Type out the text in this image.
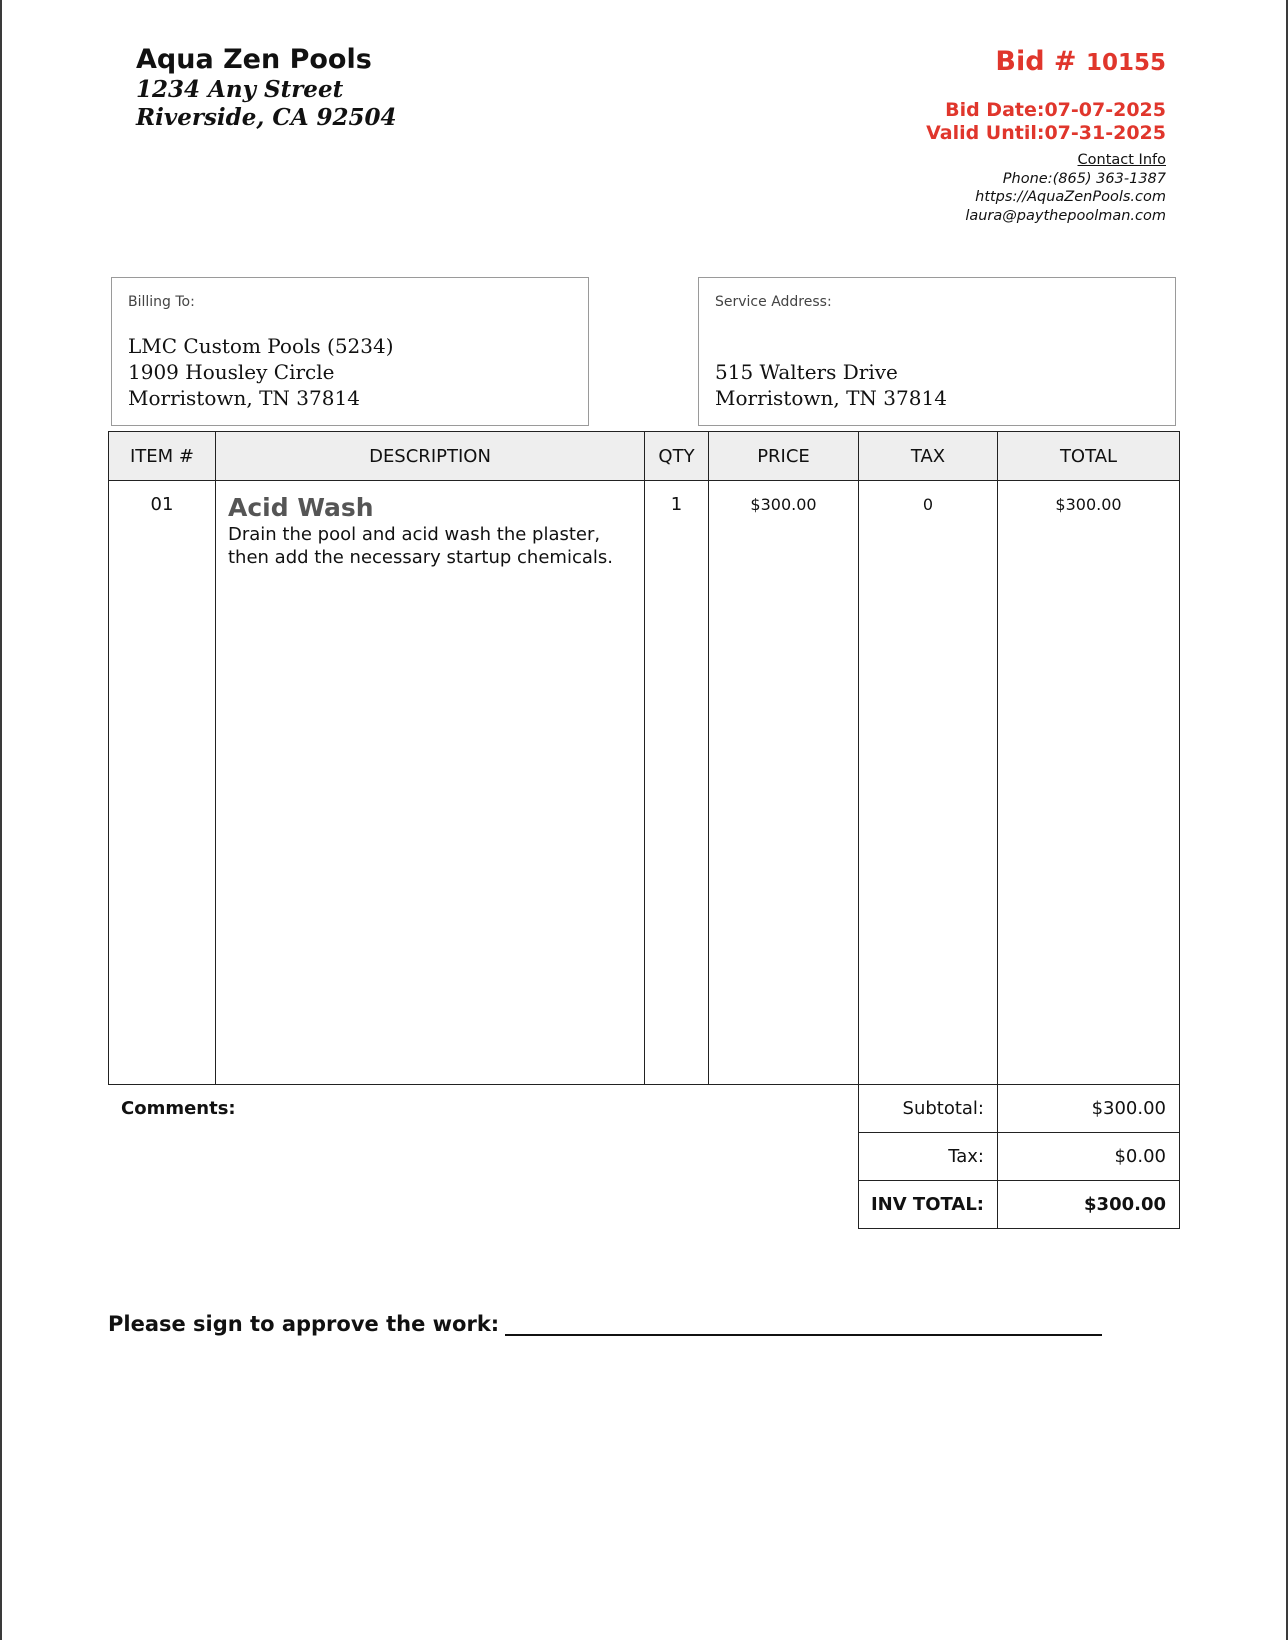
Aqua Zen Pools
1234 Any Street
Riverside, CA 92504
Bid # 10155
Bid Date:07-07-2025
Valid Until:07-31-2025
Contact Info
Phone:(865) 363-1387
https://AquaZenPools.com
laura@paythepoolman.com
Billing To:
LMC Custom Pools (5234)
1909 Housley Circle
Morristown, TN 37814
Service Address:
515 Walters Drive
Morristown, TN 37814
ITEM #	DESCRIPTION	QTY	PRICE	TAX	TOTAL
01	Acid Wash
Drain the pool and acid wash the plaster, then add the necessary startup chemicals.	1	$300.00	0	$300.00
Comments:	Subtotal:	$300.00
Tax:	$0.00
INV TOTAL:	$300.00
Please sign to approve the work:
